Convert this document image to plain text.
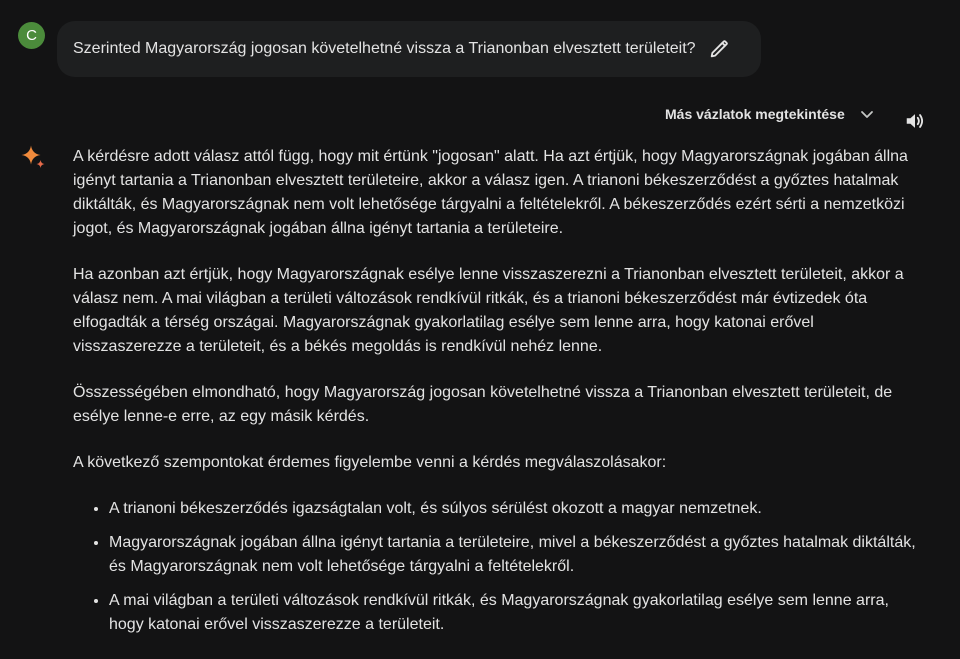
C
Szerinted Magyarország jogosan követelhetné vissza a Trianonban elvesztett területeit?
Más vázlatok megtekintése

A kérdésre adott válasz attól függ, hogy mit értünk "jogosan" alatt. Ha azt értjük, hogy Magyarországnak jogában állna igényt tartania a Trianonban elvesztett területeire, akkor a válasz igen. A trianoni békeszerződést a győztes hatalmak diktálták, és Magyarországnak nem volt lehetősége tárgyalni a feltételekről. A békeszerződés ezért sérti a nemzetközi jogot, és Magyarországnak jogában állna igényt tartania a területeire.

Ha azonban azt értjük, hogy Magyarországnak esélye lenne visszaszerezni a Trianonban elvesztett területeit, akkor a válasz nem. A mai világban a területi változások rendkívül ritkák, és a trianoni békeszerződést már évtizedek óta elfogadták a térség országai. Magyarországnak gyakorlatilag esélye sem lenne arra, hogy katonai erővel visszaszerezze a területeit, és a békés megoldás is rendkívül nehéz lenne.

Összességében elmondható, hogy Magyarország jogosan követelhetné vissza a Trianonban elvesztett területeit, de esélye lenne-e erre, az egy másik kérdés.

A következő szempontokat érdemes figyelembe venni a kérdés megválaszolásakor:

• A trianoni békeszerződés igazságtalan volt, és súlyos sérülést okozott a magyar nemzetnek.
• Magyarországnak jogában állna igényt tartania a területeire, mivel a békeszerződést a győztes hatalmak diktálták, és Magyarországnak nem volt lehetősége tárgyalni a feltételekről.
• A mai világban a területi változások rendkívül ritkák, és Magyarországnak gyakorlatilag esélye sem lenne arra, hogy katonai erővel visszaszerezze a területeit.
